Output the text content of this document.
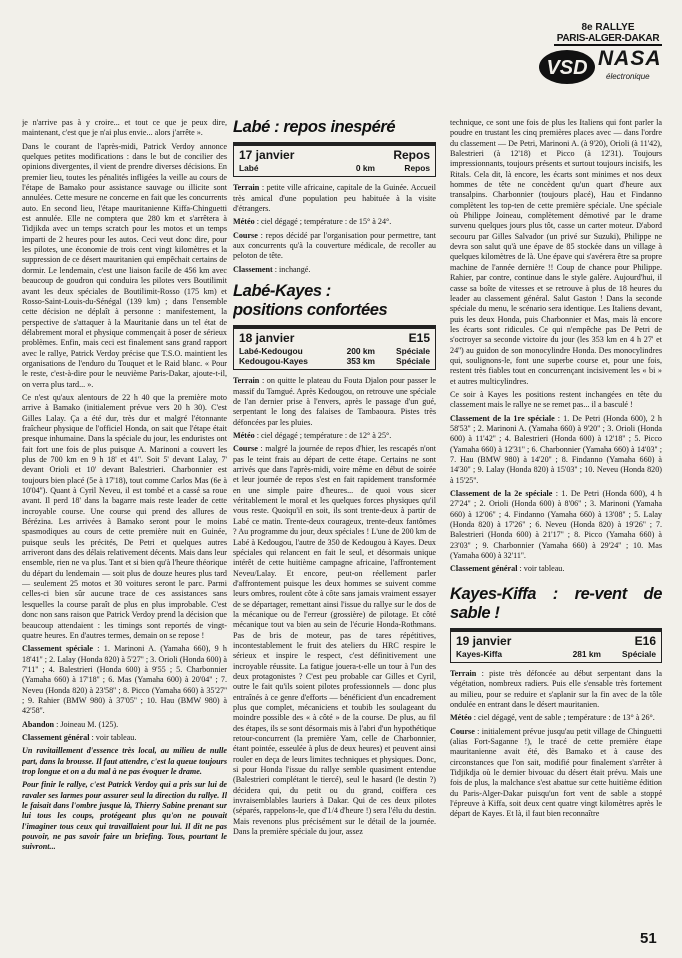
8e RALLYE
PARIS-ALGER-DAKAR
VSD NASA
électronique

je n'arrive pas à y croire... et tout ce que je peux dire, maintenant, c'est que je n'ai plus envie... alors j'arrête ».

Dans le courant de l'après-midi, Patrick Verdoy annonce quelques petites modifications : dans le but de concilier des opinions divergentes, il vient de prendre diverses décisions. En premier lieu, toutes les pénalités infligées la veille au cours de l'étape de Bamako pour assistance sauvage ou illicite sont annulées. Cette mesure ne concerne en fait que les concurrents auto. En second lieu, l'étape mauritanienne Kiffa-Chinguetti est annulée. Elle ne comptera que 280 km et s'arrêtera à Tidjikda avec un temps scratch pour les motos et un temps imparti de 2 heures pour les autos. Ceci veut donc dire, pour les pilotes, une économie de trois cent vingt kilomètres et la suppression de ce désert mauritanien qui empêchait certains de dormir. Le lendemain, c'est une liaison facile de 456 km avec beaucoup de goudron qui conduira les pilotes vers Boutilimit avant les deux spéciales de Boutilimit-Rosso (175 km) et Rosso-Saint-Louis-du-Sénégal (139 km) ; dans l'ensemble cette décision ne déplaît à personne : manifestement, la perspective de s'attaquer à la Mauritanie dans un tel état de délabrement moral et physique commençait à poser de sérieux problèmes. Enfin, mais ceci est finalement sans grand rapport avec le rallye, Patrick Verdoy précise que T.S.O. maintient les organisations de l'enduro du Touquet et le Raid blanc. « Pour le reste, c'est-à-dire pour le neuvième Paris-Dakar, ajoute-t-il, on verra plus tard... ».

Ce n'est qu'aux alentours de 22 h 40 que la première moto arrive à Bamako (initialement prévue vers 20 h 30). C'est Gilles Lalay. Ça a été dur, très dur et malgré l'étonnante fraîcheur physique de l'officiel Honda, on sait que l'étape était presque inhumaine. Dans la spéciale du jour, les enduristes ont fait fort une fois de plus puisque A. Marinoni a couvert les plus de 700 km en 9 h 18' et 41''. Soit 5' devant Lalay, 7' devant Orioli et 10' devant Balestrieri. Charbonnier est toujours bien placé (5e à 17'18), tout comme Carlos Mas (6e à 10'04''). Quant à Cyril Neveu, il est tombé et a cassé sa roue avant. Il perd 18' dans la bagarre mais reste leader de cette incroyable course. Une course qui prend des allures de Bérézina. Les arrivées à Bamako seront pour le moins spasmodiques au cours de cette première nuit en Guinée, puisque seuls les précités, De Petri et quelques autres arriveront dans des délais relativement décents. Mais dans leur ensemble, rien ne va plus. Tant et si bien qu'à l'heure théorique du départ du lendemain — soit plus de douze heures plus tard — seulement 25 motos et 30 voitures seront le parc. Parmi celles-ci bien sûr aucune trace de ces assistances sans lesquelles la course paraît de plus en plus improbable. C'est donc non sans raison que Patrick Verdoy prend la décision que beaucoup attendaient : les timings sont reportés de vingt-quatre heures. En d'autres termes, demain on se repose !

Classement spéciale : 1. Marinoni A. (Yamaha 660), 9 h 18'41'' ; 2. Lalay (Honda 820) à 5'27'' ; 3. Orioli (Honda 600) à 7'11'' ; 4. Balestrieri (Honda 600) à 9'55 ; 5. Charbonnier (Yamaha 660) à 17'18'' ; 6. Mas (Yamaha 600) à 20'04'' ; 7. Neveu (Honda 820) à 23'58'' ; 8. Picco (Yamaha 660) à 35'27'' ; 9. Rahier (BMW 980) à 37'05'' ; 10. Hau (BMW 980) à 42'58''.

Abandon : Joineau M. (125).

Classement général : voir tableau.

Un ravitaillement d'essence très local, au milieu de nulle part, dans la brousse. Il faut attendre, c'est la queue toujours trop longue et on a du mal à ne pas évoquer le drame.

Pour finir le rallye, c'est Patrick Verdoy qui a pris sur lui de ravaler ses larmes pour assurer seul la direction du rallye. Il le faisait dans l'ombre jusque là, Thierry Sabine prenant sur lui tous les coups, protégeant plus qu'on ne pouvait l'imaginer tous ceux qui travaillaient pour lui. Il dit ne pas pouvoir, ne pas savoir faire un briefing. Tous, pourtant le suivront...

Labé : repos inespéré
17 janvier	Repos
Labé	0 km	Repos

Terrain : petite ville africaine, capitale de la Guinée. Accueil très amical d'une population peu habituée à la visite d'étrangers.

Météo : ciel dégagé ; température : de 15° à 24°.

Course : repos décidé par l'organisation pour permettre, tant aux concurrents qu'à la couverture médicale, de recoller au peloton de tête.

Classement : inchangé.

Labé-Kayes :
positions confortées
18 janvier	E15
Labé-Kedougou	200 km	Spéciale
Kedougou-Kayes	353 km	Spéciale

Terrain : on quitte le plateau du Fouta Djalon pour passer le massif du Tamgué. Après Kedougou, on retrouve une spéciale de l'an dernier prise à l'envers, après le passage d'un gué, serpentant le long des falaises de Tambaoura. Pistes très défoncées par les pluies.

Météo : ciel dégagé ; température : de 12° à 25°.

Course : malgré la journée de repos d'hier, les rescapés n'ont pas le teint frais au départ de cette étape. Certains ne sont arrivés que dans l'après-midi, voire même en début de soirée et leur journée de repos s'est en fait rapidement transformée en une simple paire d'heures... de quoi vous sicer véritablement le moral et les quelques forces physiques qu'il vous reste. Quoiqu'il en soit, ils sont trente-deux à partir de Labé ce matin. Trente-deux courageux, trente-deux fantômes ? Au programme du jour, deux spéciales ! L'une de 200 km de Labé à Kedougou, l'autre de 350 de Kedougou à Kayes. Deux spéciales qui relancent en fait le seul, et désormais unique intérêt de cette huitième campagne africaine, l'affrontement Neveu/Lalay. Et encore, peut-on réellement parler d'affrontement puisque les deux hommes se suivent comme leurs ombres, roulent côte à côte sans jamais vraiment essayer de se départager, remettant ainsi l'issue du rallye sur le dos de la mécanique ou de l'erreur (grossière) de pilotage. Et côté mécanique tout va bien au sein de l'écurie Honda-Rothmans. Pas de bris de moteur, pas de tares répétitives, incontestablement le fruit des ateliers du HRC respire le sérieux et inspire le respect, c'est définitivement une incroyable réussite. La fatigue jouera-t-elle un tour à l'un des deux protagonistes ? C'est peu probable car Gilles et Cyril, outre le fait qu'ils soient pilotes professionnels — donc plus entraînés à ce genre d'efforts — bénéficient d'un encadrement plus que complet, mécaniciens et toubib les soulageant du moindre possible des « à côté » de la course. De plus, au fil des étapes, ils se sont désormais mis à l'abri d'un hypothétique retour-concurrent (la première Yam, celle de Charbonnier, étant pointée, esseulée à plus de deux heures) et peuvent ainsi rouler en deça de leurs limites techniques et physiques. Donc, si pour Honda l'issue du rallye semble quasiment entendue (Balestrieri complétant le tiercé), seul le hasard (le destin ?) décidera qui, du petit ou du grand, coiffera ces invraisemblables lauriers à Dakar. Qui de ces deux pilotes (séparés, rappelons-le, que d'1/4 d'heure !) sera l'élu du destin. Mais revenons plus précisément sur le détail de la journée. Dans la première spéciale du jour, assez

technique, ce sont une fois de plus les Italiens qui font parler la poudre en trustant les cinq premières places avec — dans l'ordre du classement — De Petri, Marinoni A. (à 9'20), Orioli (à 11'42), Balestrieri (à 12'18) et Picco (à 12'31). Toujours impressionnants, toujours présents et surtout toujours incisifs, les Ritals. Cela dit, là encore, les écarts sont minimes et nos deux hommes de tête ne concèdent qu'un quart d'heure aux transalpins. Charbonnier (toujours placé), Hau et Findanno complètent les top-ten de cette première spéciale. Une spéciale où Philippe Joineau, complètement démotivé par le drame survenu quelques jours plus tôt, casse un carter moteur. D'abord secouru par Gilles Salvador (un privé sur Suzuki), Philippe ne devra son salut qu'à une épave de 85 stockée dans un village à quelques kilomètres de là. Une épave qui s'avérera être sa propre machine de l'année dernière !! Coup de chance pour Philippe. Rahier, par contre, continue dans le style galère. Aujourd'hui, il casse sa boîte de vitesses et se retrouve à plus de 18 heures du leader au classement général. Salut Gaston ! Dans la seconde spéciale du menu, le scénario sera identique. Les Italiens devant, puis les deux Honda, puis Charbonnier et Mas, mais là encore les écarts sont ridicules. Ce qui n'empêche pas De Petri de s'octroyer sa seconde victoire du jour (les 353 km en 4 h 27' et 24'') au guidon de son monocylindre Honda. Des monocylindres qui, soulignons-le, font une superbe course et, pour une fois, restent très fiables tout en concurrençant incisivement les « bi » et autres multicylindres.

Ce soir à Kayes les positions restent inchangées en tête du classement mais le rallye ne se remet pas... il a basculé !

Classement de la 1re spéciale : 1. De Petri (Honda 600), 2 h 58'53'' ; 2. Marinoni A. (Yamaha 660) à 9'20'' ; 3. Orioli (Honda 600) à 11'42'' ; 4. Balestrieri (Honda 600) à 12'18'' ; 5. Picco (Yamaha 660) à 12'31'' ; 6. Charbonnier (Yamaha 660) à 14'03'' ; 7. Hau (BMW 980) à 14'20'' ; 8. Findanno (Yamaha 660) à 14'30'' ; 9. Lalay (Honda 820) à 15'03'' ; 10. Neveu (Honda 820) à 15'25''.

Classement de la 2e spéciale : 1. De Petri (Honda 600), 4 h 27'24'' ; 2. Orioli (Honda 600) à 8'06'' ; 3. Marinoni (Yamaha 660) à 12'06'' ; 4. Findanno (Yamaha 660) à 13'08'' ; 5. Lalay (Honda 820) à 17'26'' ; 6. Neveu (Honda 820) à 19'26'' ; 7. Balestrieri (Honda 600) à 21'17'' ; 8. Picco (Yamaha 660) à 23'03'' ; 9. Charbonnier (Yamaha 660) à 29'24'' ; 10. Mas (Yamaha 600) à 32'11''.

Classement général : voir tableau.

Kayes-Kiffa : re-vent de sable !
19 janvier	E16
Kayes-Kiffa	281 km	Spéciale

Terrain : piste très défoncée au début serpentant dans la végétation, nombreux radiers. Puis elle s'ensable très fortement au milieu, pour se reduire et s'aplanir sur la fin avec de la tôle ondulée en entrant dans le désert mauritanien.

Météo : ciel dégagé, vent de sable ; température : de 13° à 26°.

Course : initialement prévue jusqu'au petit village de Chinguetti (alias Fort-Saganne !), le tracé de cette première étape mauritanienne avait été, dès Bamako et à cause des circonstances que l'on sait, modifié pour finalement s'arrêter à Tidjikdja où le dernier bivouac du désert était prévu. Mais une fois de plus, la malchance s'est abattue sur cette huitième édition du Paris-Alger-Dakar puisqu'un fort vent de sable a stoppé l'épreuve à Kiffa, soit deux cent quatre vingt kilomètres après le départ de Kayes. Et là, il faut bien reconnaître

51
